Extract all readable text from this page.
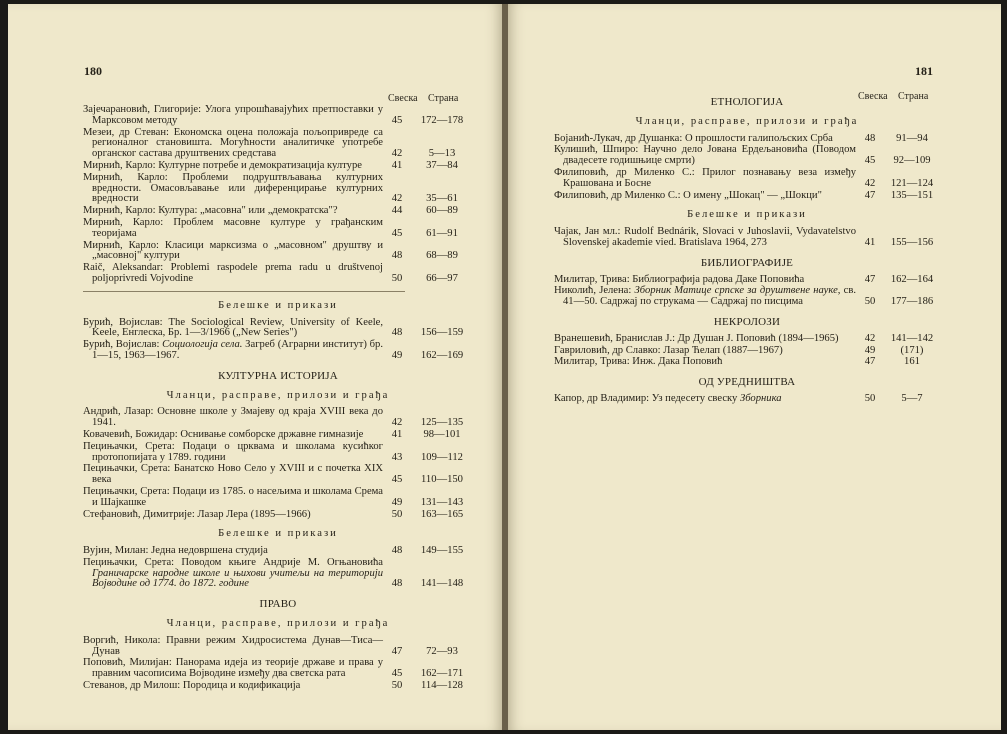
180
Свеска Страна
Зајечарановић, Глигорије: Улога упрошћавајућих претпоставки у Марксовом методу	45	172—178
Мезеи, др Стеван: Економска оцена положаја пољопривреде са регионалног становишта. Могућности аналитичке употребе органског састава друштвених средстава	42	5—13
Мирнић, Карло: Културне потребе и демократизација културе	41	37—84
Мирнић, Карло: Проблеми подруштвљавања културних вредности. Омасовљавање или диференцирање културних вредности	42	35—61
Мирнић, Карло: Култура: „масовна" или „демократска"?	44	60—89
Мирнић, Карло: Проблем масовне културе у грађанским теоријама	45	61—91
Мирнић, Карло: Класици марксизма о „масовном" друштву и „масовној" култури	48	68—89
Raič, Aleksandar: Problemi raspodele prema radu u društvenoj poljoprivredi Vojvodine	50	66—97
Белешке и прикази
Бурић, Војислав: The Sociological Review, University of Keele, Keele, Енглеска, Бр. 1—3/1966 („New Series")	48	156—159
Бурић, Војислав: Социологија села. Загреб (Аграрни институт) бр. 1—15, 1963—1967.	49	162—169
КУЛТУРНА ИСТОРИЈА
Чланци, расправе, прилози и грађа
Андрић, Лазар: Основне школе у Змајеву од краја XVIII века до 1941.	42	125—135
Ковачевић, Божидар: Оснивање сомборске државне гимназије	41	98—101
Пецињачки, Срета: Подаци о црквама и школама кусићког протопопијата у 1789. години	43	109—112
Пецињачки, Срета: Банатско Ново Село у XVIII и с почетка XIX века	45	110—150
Пецињачки, Срета: Подаци из 1785. о насељима и школама Срема и Шајкашке	49	131—143
Стефановић, Димитрије: Лазар Лера (1895—1966)	50	163—165
Белешке и прикази
Вујин, Милан: Једна недовршена студија	48	149—155
Пецињачки, Срета: Поводом књиге Андрије М. Огњановића Граничарске народне школе и њихови учитељи на територији Војводине од 1774. до 1872. године	48	141—148
ПРАВО
Чланци, расправе, прилози и грађа
Воргић, Никола: Правни режим Хидросистема Дунав—Тиса—Дунав	47	72—93
Поповић, Милијан: Панорама идеја из теорије државе и права у правним часописима Војводине између два светска рата	45	162—171
Стеванов, др Милош: Породица и кодификација	50	114—128
181
Свеска Страна
ЕТНОЛОГИЈА
Чланци, расправе, прилози и грађа
Бојанић-Лукач, др Душанка: О прошлости галипољских Срба	48	91—94
Кулишић, Шпиро: Научно дело Јована Ердељановића (Поводом двадесете годишњице смрти)	45	92—109
Филиповић, др Миленко С.: Прилог познавању веза између Крашована и Босне	42	121—124
Филиповић, др Миленко С.: О имену „Шокац" — „Шокци"	47	135—151
Белешке и прикази
Чајак, Јан мл.: Rudolf Bednárik, Slovaci v Juhoslavii, Vydavatelstvo Slovenskej akademie vied. Bratislava 1964, 273	41	155—156
БИБЛИОГРАФИЈЕ
Милитар, Трива: Библиографија радова Даке Поповића	47	162—164
Николић, Јелена: Зборник Матице српске за друштвене науке, св. 41—50. Садржај по струкама — Садржај по писцима	50	177—186
НЕКРОЛОЗИ
Вранешевић, Бранислав J.: Др Душан Ј. Поповић (1894—1965)	42	141—142
Гавриловић, др Славко: Лазар Ћелап (1887—1967)	49	(171)
Милитар, Трива: Инж. Дака Поповић	47	161
ОД УРЕДНИШТВА
Капор, др Владимир: Уз педесету свеску Зборника	50	5—7
